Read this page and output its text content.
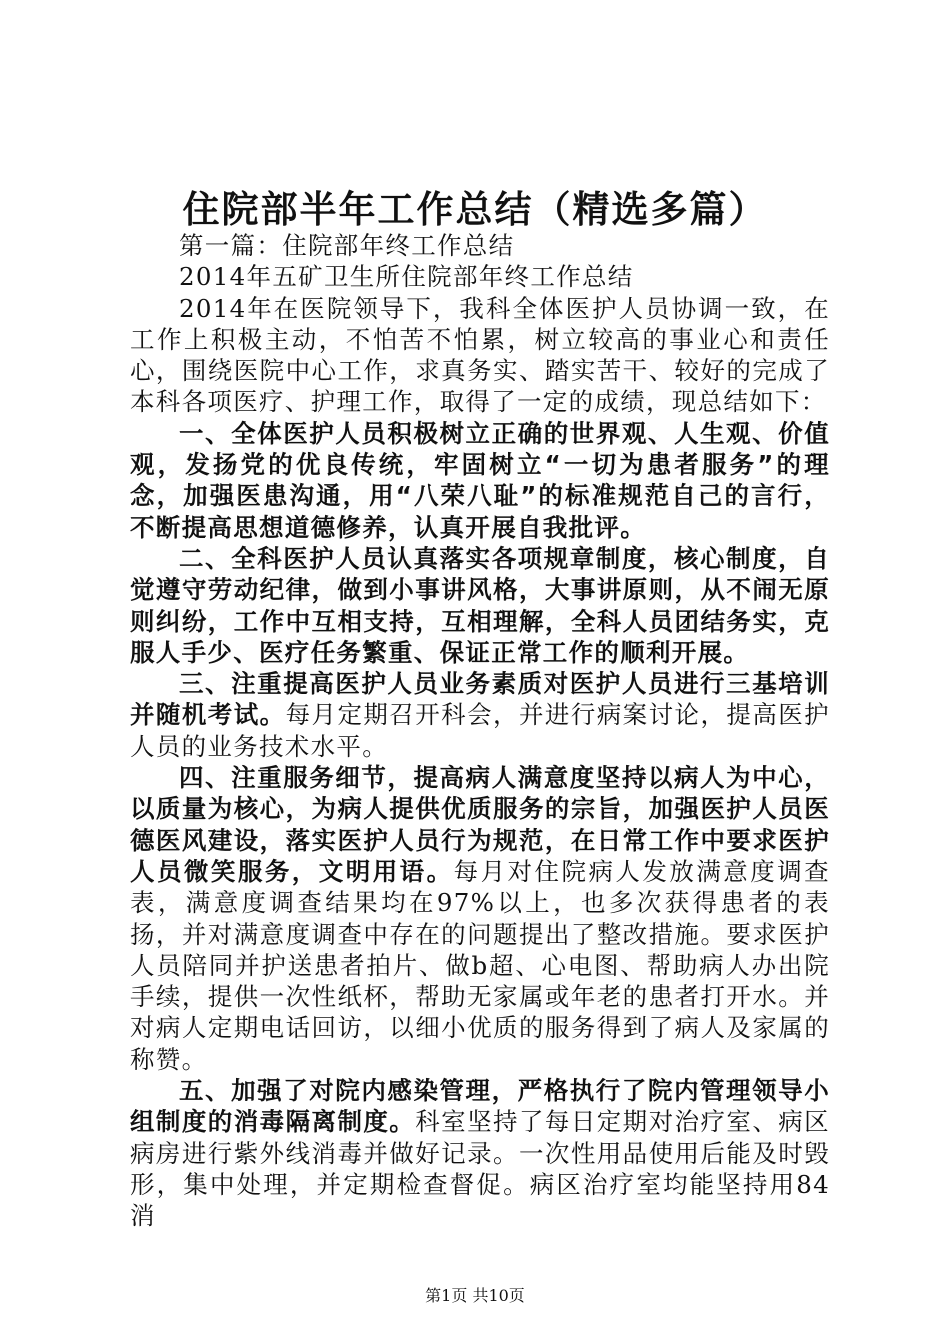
住院部半年工作总结（精选多篇）

第一篇：住院部年终工作总结

2014年五矿卫生所住院部年终工作总结

2014年在医院领导下，我科全体医护人员协调一致，在工作上积极主动，不怕苦不怕累，树立较高的事业心和责任心，围绕医院中心工作，求真务实、踏实苦干、较好的完成了本科各项医疗、护理工作，取得了一定的成绩，现总结如下：

一、全体医护人员积极树立正确的世界观、人生观、价值观，发扬党的优良传统，牢固树立“一切为患者服务”的理念，加强医患沟通，用“八荣八耻”的标准规范自己的言行，不断提高思想道德修养，认真开展自我批评。

二、全科医护人员认真落实各项规章制度，核心制度，自觉遵守劳动纪律，做到小事讲风格，大事讲原则，从不闹无原则纠纷，工作中互相支持，互相理解，全科人员团结务实，克服人手少、医疗任务繁重、保证正常工作的顺利开展。

三、注重提高医护人员业务素质对医护人员进行三基培训并随机考试。每月定期召开科会，并进行病案讨论，提高医护人员的业务技术水平。

四、注重服务细节，提高病人满意度坚持以病人为中心，以质量为核心，为病人提供优质服务的宗旨，加强医护人员医德医风建设，落实医护人员行为规范，在日常工作中要求医护人员微笑服务，文明用语。每月对住院病人发放满意度调查表，满意度调查结果均在97%以上，也多次获得患者的表扬，并对满意度调查中存在的问题提出了整改措施。要求医护人员陪同并护送患者拍片、做b超、心电图、帮助病人办出院手续，提供一次性纸杯，帮助无家属或年老的患者打开水。并对病人定期电话回访，以细小优质的服务得到了病人及家属的称赞。

五、加强了对院内感染管理，严格执行了院内管理领导小组制度的消毒隔离制度。科室坚持了每日定期对治疗室、病区病房进行紫外线消毒并做好记录。一次性用品使用后能及时毁形，集中处理，并定期检查督促。病区治疗室均能坚持用84消

第1页 共10页
